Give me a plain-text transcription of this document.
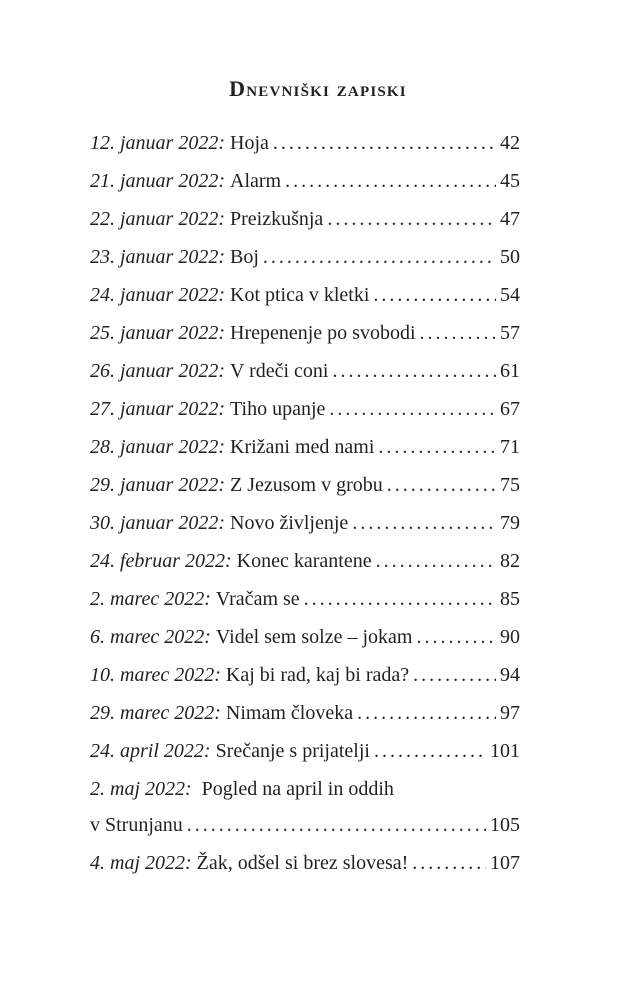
Dnevniški zapiski
12. januar 2022: Hoja . . .	42
21. januar 2022: Alarm . . .	45
22. januar 2022: Preizkušnja . . .	47
23. januar 2022: Boj . . .	50
24. januar 2022: Kot ptica v kletki . . .	54
25. januar 2022: Hrepenenje po svobodi . . .	57
26. januar 2022: V rdeči coni . . .	61
27. januar 2022: Tiho upanje . . .	67
28. januar 2022: Križani med nami . . .	71
29. januar 2022: Z Jezusom v grobu . . .	75
30. januar 2022: Novo življenje . . .	79
24. februar 2022: Konec karantene . . .	82
2. marec 2022: Vračam se . . .	85
6. marec 2022: Videl sem solze – jokam . . .	90
10. marec 2022: Kaj bi rad, kaj bi rada? . . .	94
29. marec 2022: Nimam človeka . . .	97
24. april 2022: Srečanje s prijatelji . . .	101
2. maj 2022: Pogled na april in oddih
v Strunjanu . . .	105
4. maj 2022: Žak, odšel si brez slovesa! . . .	107
